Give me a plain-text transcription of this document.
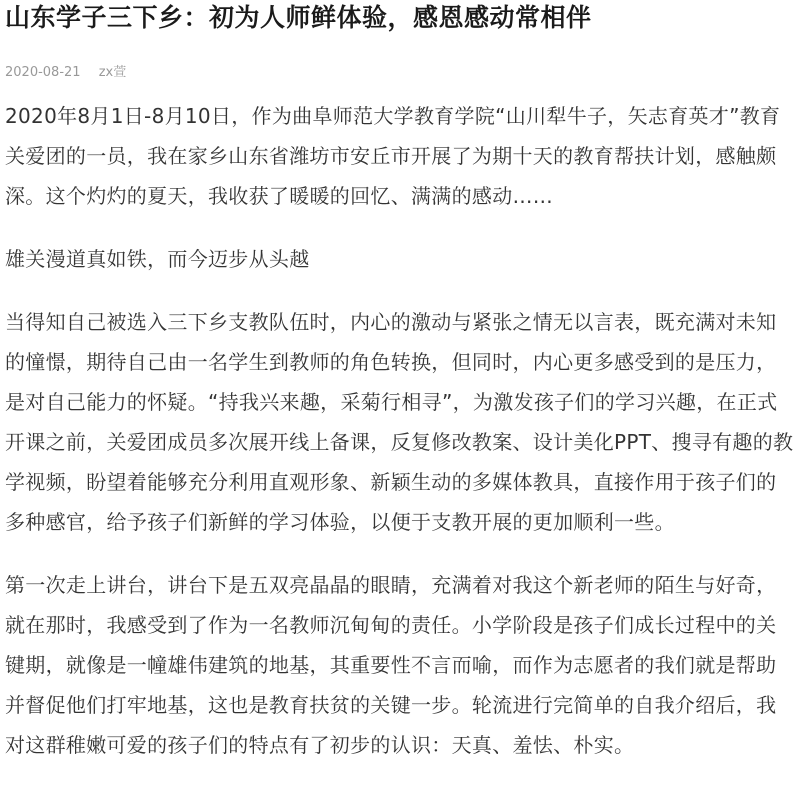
山东学子三下乡：初为人师鲜体验，感恩感动常相伴
2020-08-21 zx萱

2020年8月1日-8月10日，作为曲阜师范大学教育学院“山川犁牛子，矢志育英才”教育关爱团的一员，我在家乡山东省潍坊市安丘市开展了为期十天的教育帮扶计划，感触颇深。这个灼灼的夏天，我收获了暖暖的回忆、满满的感动……

雄关漫道真如铁，而今迈步从头越

当得知自己被选入三下乡支教队伍时，内心的激动与紧张之情无以言表，既充满对未知的憧憬，期待自己由一名学生到教师的角色转换，但同时，内心更多感受到的是压力，是对自己能力的怀疑。“持我兴来趣，采菊行相寻”，为激发孩子们的学习兴趣，在正式开课之前，关爱团成员多次展开线上备课，反复修改教案、设计美化PPT、搜寻有趣的教学视频，盼望着能够充分利用直观形象、新颖生动的多媒体教具，直接作用于孩子们的多种感官，给予孩子们新鲜的学习体验，以便于支教开展的更加顺利一些。

第一次走上讲台，讲台下是五双亮晶晶的眼睛，充满着对我这个新老师的陌生与好奇，就在那时，我感受到了作为一名教师沉甸甸的责任。小学阶段是孩子们成长过程中的关键期，就像是一幢雄伟建筑的地基，其重要性不言而喻，而作为志愿者的我们就是帮助并督促他们打牢地基，这也是教育扶贫的关键一步。轮流进行完简单的自我介绍后，我对这群稚嫩可爱的孩子们的特点有了初步的认识：天真、羞怯、朴实。
